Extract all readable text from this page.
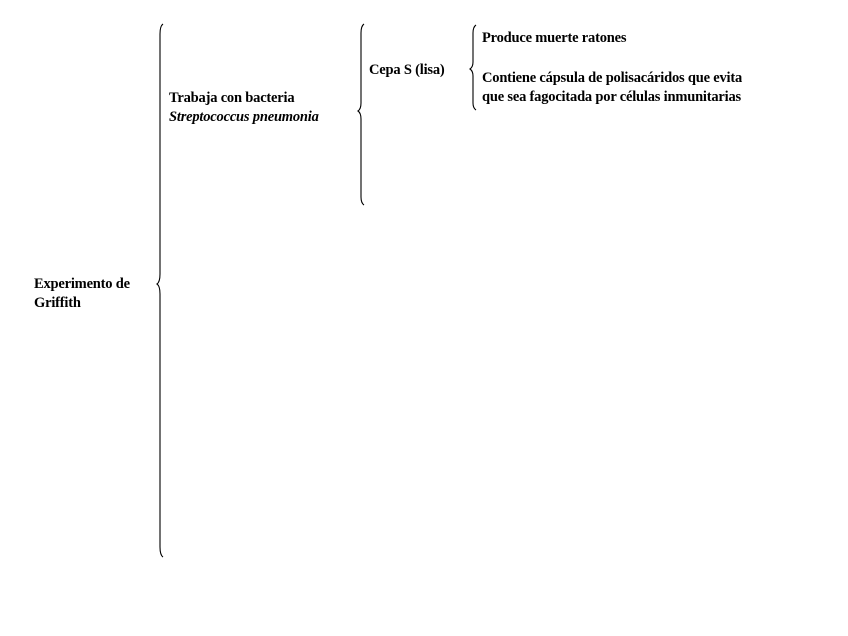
Experimento de
Griffith
Trabaja con bacteria
Streptococcus pneumonia
Cepa S (lisa)
Produce muerte ratones
Contiene cápsula de polisacáridos que evita
que sea fagocitada por células inmunitarias
